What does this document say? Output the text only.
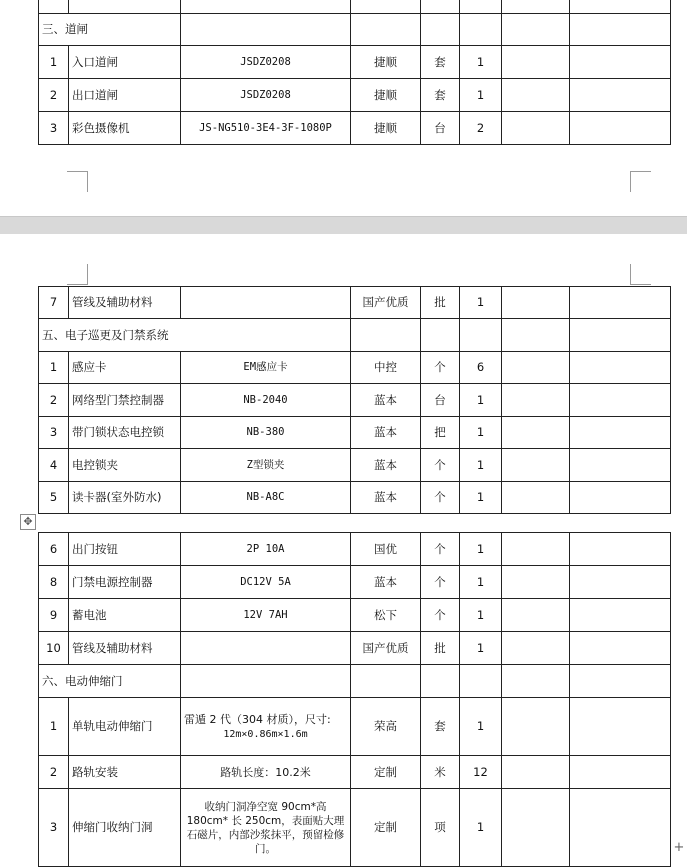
三、道闸							
1	入口道闸	JSDZ0208	捷顺	套	1		
2	出口道闸	JSDZ0208	捷顺	套	1		
3	彩色摄像机	JS-NG510-3E4-3F-1080P	捷顺	台	2		
7	管线及辅助材料		国产优质	批	1		
五、电子巡更及门禁系统							
1	感应卡	EM感应卡	中控	个	6		
2	网络型门禁控制器	NB-2040	蓝本	台	1		
3	带门锁状态电控锁	NB-380	蓝本	把	1		
4	电控锁夹	Z型锁夹	蓝本	个	1		
5	读卡器(室外防水)	NB-A8C	蓝本	个	1		

6	出门按钮	2P 10A	国优	个	1		
8	门禁电源控制器	DC12V 5A	蓝本	个	1		
9	蓄电池	12V 7AH	松下	个	1		
10	管线及辅助材料		国产优质	批	1		
六、电动伸缩门							
1	单轨电动伸缩门	雷遁 2 代（304 材质），尺寸:
12m×0.86m×1.6m	荣高	套	1		
2	路轨安装	路轨长度：10.2米	定制	米	12		
3	伸缩门收纳门洞	收纳门洞净空宽 90cm*高 180cm* 长 250cm，表面贴大理石磁片，内部沙浆抹平，预留检修门。	定制	项	1		
✥
+
